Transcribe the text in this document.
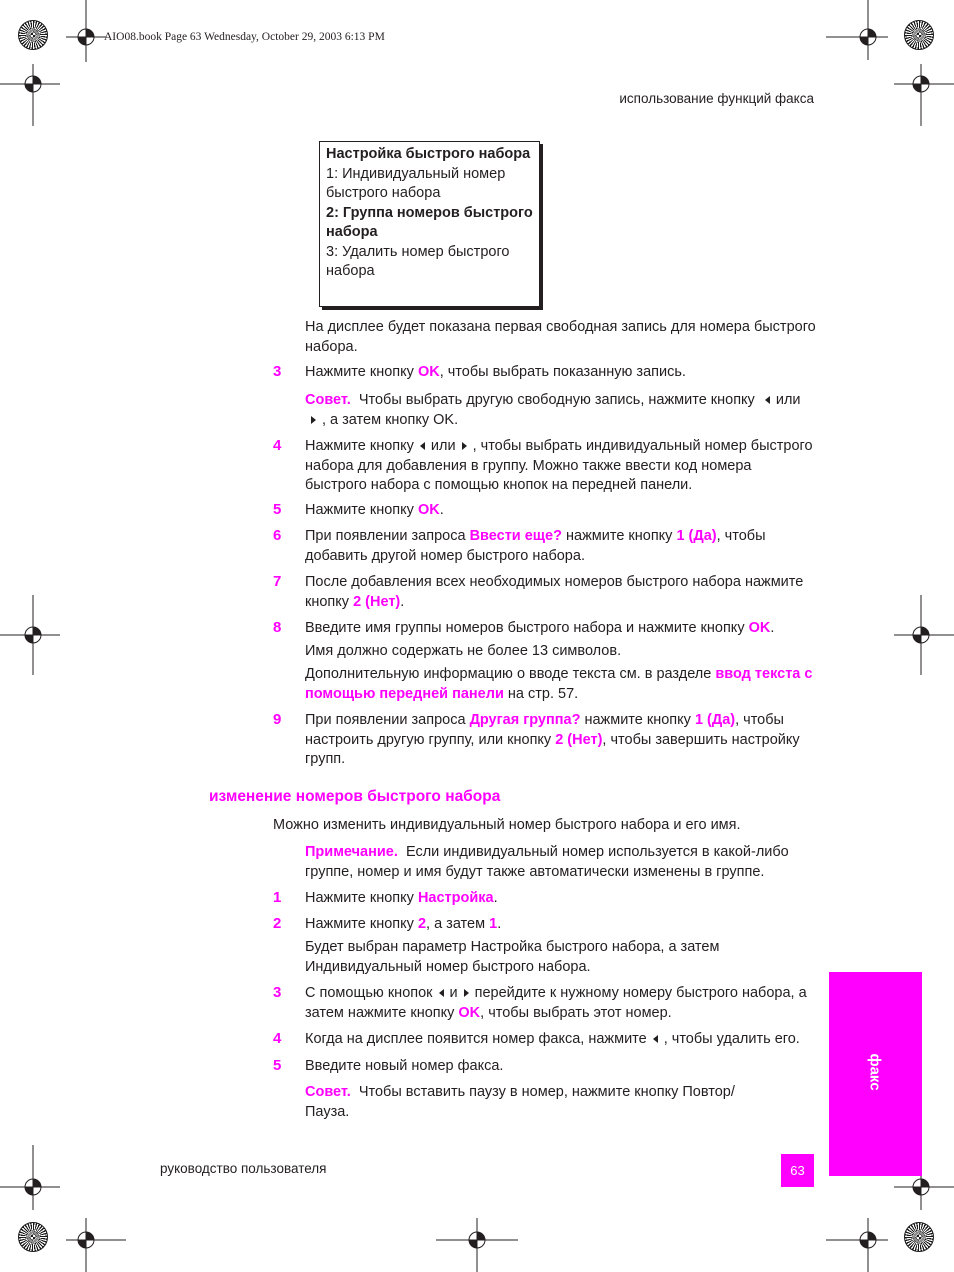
AIO08.book Page 63 Wednesday, October 29, 2003 6:13 PM
использование функций факса
Настройка быстрого набора
1: Индивидуальный номер быстрого набора
2: Группа номеров быстрого набора
3: Удалить номер быстрого набора
На дисплее будет показана первая свободная запись для номера быстрого набора.
3 Нажмите кнопку OK, чтобы выбрать показанную запись.
Совет. Чтобы выбрать другую свободную запись, нажмите кнопку или, а затем кнопку OK.
4 Нажмите кнопку или , чтобы выбрать индивидуальный номер быстрого набора для добавления в группу. Можно также ввести код номера быстрого набора с помощью кнопок на передней панели.
5 Нажмите кнопку OK.
6 При появлении запроса Ввести еще? нажмите кнопку 1 (Да), чтобы добавить другой номер быстрого набора.
7 После добавления всех необходимых номеров быстрого набора нажмите кнопку 2 (Нет).
8 Введите имя группы номеров быстрого набора и нажмите кнопку OK.
Имя должно содержать не более 13 символов.
Дополнительную информацию о вводе текста см. в разделе ввод текста с помощью передней панели на стр. 57.
9 При появлении запроса Другая группа? нажмите кнопку 1 (Да), чтобы настроить другую группу, или кнопку 2 (Нет), чтобы завершить настройку групп.
изменение номеров быстрого набора
Можно изменить индивидуальный номер быстрого набора и его имя.
Примечание. Если индивидуальный номер используется в какой-либо группе, номер и имя будут также автоматически изменены в группе.
1 Нажмите кнопку Настройка.
2 Нажмите кнопку 2, а затем 1.
Будет выбран параметр Настройка быстрого набора, а затем Индивидуальный номер быстрого набора.
3 С помощью кнопок и перейдите к нужному номеру быстрого набора, а затем нажмите кнопку OK, чтобы выбрать этот номер.
4 Когда на дисплее появится номер факса, нажмите , чтобы удалить его.
5 Введите новый номер факса.
Совет. Чтобы вставить паузу в номер, нажмите кнопку Повтор/Пауза.
факс
руководство пользователя	63
